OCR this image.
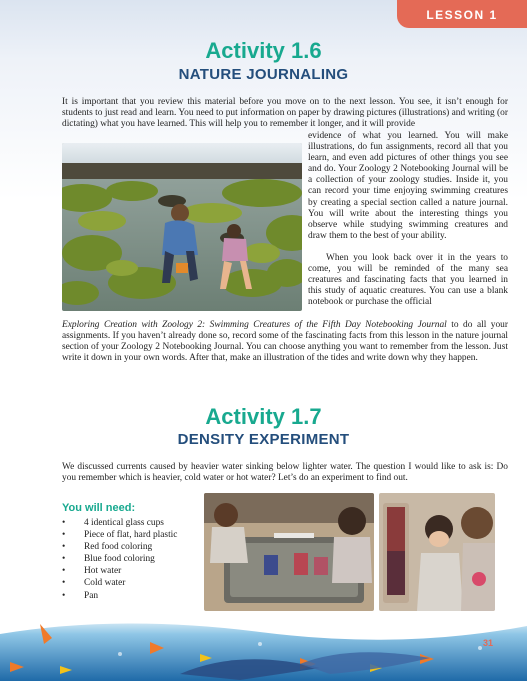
LESSON 1
Activity 1.6
NATURE JOURNALING

It is important that you review this material before you move on to the next lesson. You see, it isn’t enough for students to just read and learn. You need to put information on paper by drawing pictures (illustrations) and writing (or dictating) what you have learned. This will help you to remember it longer, and it will provide

evidence of what you learned. You will make illustrations, do fun assignments, record all that you learn, and even add pictures of other things you see and do. Your Zoology 2 Notebooking Journal will be a collection of your zoology studies. Inside it, you can record your time enjoying swimming creatures by creating a special section called a nature journal. You will write about the interesting things you observe while studying swimming creatures and draw them to the best of your ability.

When you look back over it in the years to come, you will be reminded of the many sea creatures and fascinating facts that you learned in this study of aquatic creatures. You can use a blank notebook or purchase the official

Exploring Creation with Zoology 2: Swimming Creatures of the Fifth Day Notebooking Journal to do all your assignments. If you haven’t already done so, record some of the fascinating facts from this lesson in the nature journal section of your Zoology 2 Notebooking Journal. You can choose anything you want to remember from the lesson. Just write it down in your own words. After that, make an illustration of the tides and write down why they happen.

Activity 1.7
DENSITY EXPERIMENT

We discussed currents caused by heavier water sinking below lighter water. The question I would like to ask is: Do you remember which is heavier, cold water or hot water? Let’s do an experiment to find out.

You will need:
• 4 identical glass cups
• Piece of flat, hard plastic
• Red food coloring
• Blue food coloring
• Hot water
• Cold water
• Pan
31
